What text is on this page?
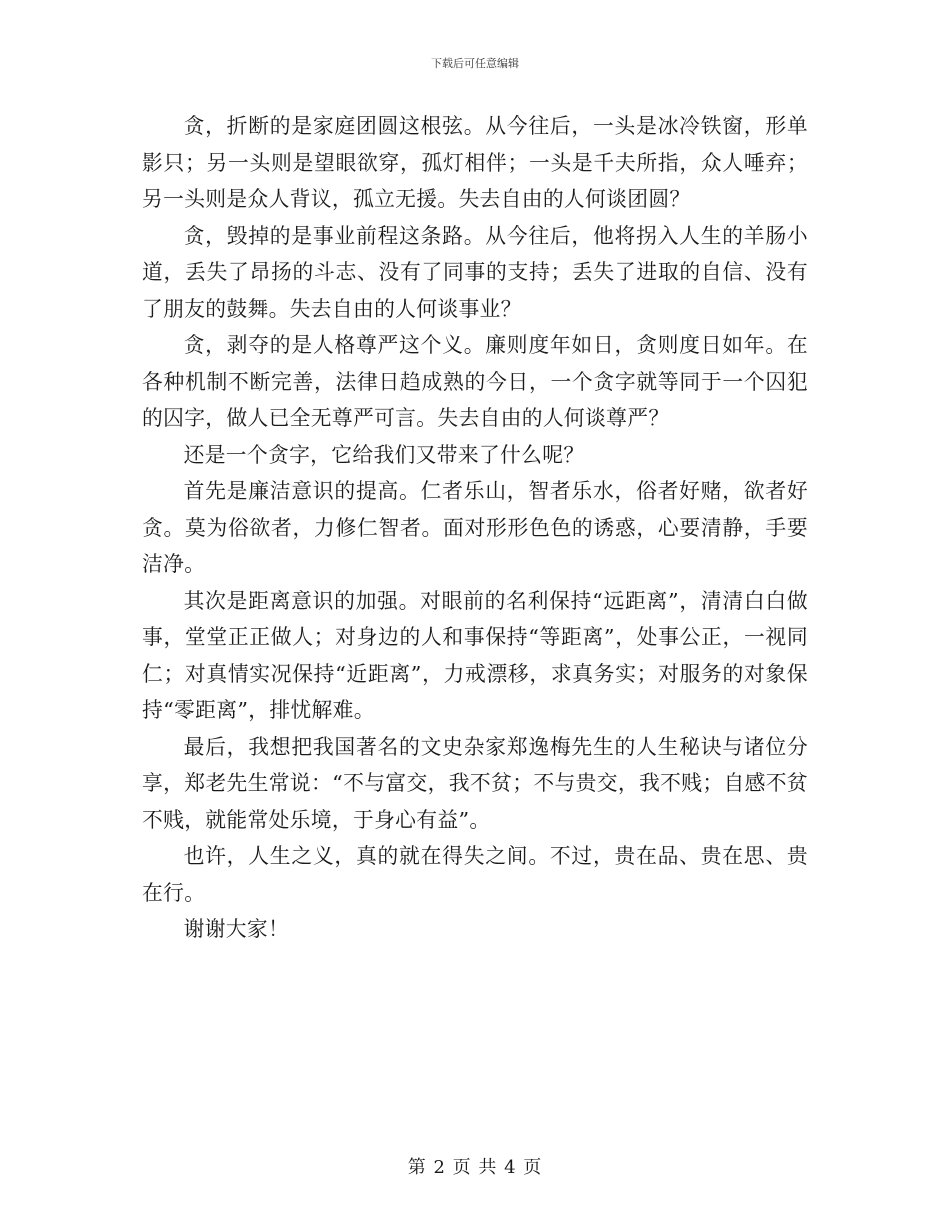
下载后可任意编辑

贪，折断的是家庭团圆这根弦。从今往后，一头是冰冷铁窗，形单影只；另一头则是望眼欲穿，孤灯相伴；一头是千夫所指，众人唾弃；另一头则是众人背议，孤立无援。失去自由的人何谈团圆？

贪，毁掉的是事业前程这条路。从今往后，他将拐入人生的羊肠小道，丢失了昂扬的斗志、没有了同事的支持；丢失了进取的自信、没有了朋友的鼓舞。失去自由的人何谈事业？

贪，剥夺的是人格尊严这个义。廉则度年如日，贪则度日如年。在各种机制不断完善，法律日趋成熟的今日，一个贪字就等同于一个囚犯的囚字，做人已全无尊严可言。失去自由的人何谈尊严？

还是一个贪字，它给我们又带来了什么呢？

首先是廉洁意识的提高。仁者乐山，智者乐水，俗者好赌，欲者好贪。莫为俗欲者，力修仁智者。面对形形色色的诱惑，心要清静，手要洁净。

其次是距离意识的加强。对眼前的名利保持“远距离”，清清白白做事，堂堂正正做人；对身边的人和事保持“等距离”，处事公正，一视同仁；对真情实况保持“近距离”，力戒漂移，求真务实；对服务的对象保持“零距离”，排忧解难。

最后，我想把我国著名的文史杂家郑逸梅先生的人生秘诀与诸位分享，郑老先生常说：“不与富交，我不贫；不与贵交，我不贱；自感不贫不贱，就能常处乐境，于身心有益”。

也许，人生之义，真的就在得失之间。不过，贵在品、贵在思、贵在行。

谢谢大家！

第 2 页 共 4 页
